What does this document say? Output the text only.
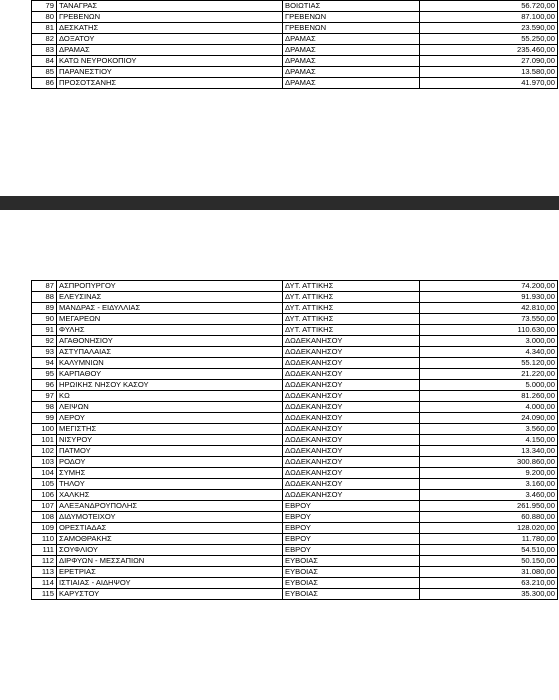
79	ΤΑΝΑΓΡΑΣ	ΒΟΙΩΤΙΑΣ	56.720,00
80	ΓΡΕΒΕΝΩΝ	ΓΡΕΒΕΝΩΝ	87.100,00
81	ΔΕΣΚΑΤΗΣ	ΓΡΕΒΕΝΩΝ	23.590,00
82	ΔΟΞΑΤΟΥ	ΔΡΑΜΑΣ	55.250,00
83	ΔΡΑΜΑΣ	ΔΡΑΜΑΣ	235.460,00
84	ΚΑΤΩ ΝΕΥΡΟΚΟΠΙΟΥ	ΔΡΑΜΑΣ	27.090,00
85	ΠΑΡΑΝΕΣΤΙΟΥ	ΔΡΑΜΑΣ	13.580,00
86	ΠΡΟΣΟΤΣΑΝΗΣ	ΔΡΑΜΑΣ	41.970,00
87	ΑΣΠΡΟΠΥΡΓΟΥ	ΔΥΤ. ΑΤΤΙΚΗΣ	74.200,00
88	ΕΛΕΥΣΙΝΑΣ	ΔΥΤ. ΑΤΤΙΚΗΣ	91.930,00
89	ΜΑΝΔΡΑΣ - ΕΙΔΥΛΛΙΑΣ	ΔΥΤ. ΑΤΤΙΚΗΣ	42.810,00
90	ΜΕΓΑΡΕΩΝ	ΔΥΤ. ΑΤΤΙΚΗΣ	73.550,00
91	ΦΥΛΗΣ	ΔΥΤ. ΑΤΤΙΚΗΣ	110.630,00
92	ΑΓΑΘΟΝΗΣΙΟΥ	ΔΩΔΕΚΑΝΗΣΟΥ	3.000,00
93	ΑΣΤΥΠΑΛΑΙΑΣ	ΔΩΔΕΚΑΝΗΣΟΥ	4.340,00
94	ΚΑΛΥΜΝΙΩΝ	ΔΩΔΕΚΑΝΗΣΟΥ	55.120,00
95	ΚΑΡΠΑΘΟΥ	ΔΩΔΕΚΑΝΗΣΟΥ	21.220,00
96	ΗΡΩΙΚΗΣ ΝΗΣΟΥ ΚΑΣΟΥ	ΔΩΔΕΚΑΝΗΣΟΥ	5.000,00
97	ΚΩ	ΔΩΔΕΚΑΝΗΣΟΥ	81.260,00
98	ΛΕΙΨΩΝ	ΔΩΔΕΚΑΝΗΣΟΥ	4.000,00
99	ΛΕΡΟΥ	ΔΩΔΕΚΑΝΗΣΟΥ	24.090,00
100	ΜΕΓΙΣΤΗΣ	ΔΩΔΕΚΑΝΗΣΟΥ	3.560,00
101	ΝΙΣΥΡΟΥ	ΔΩΔΕΚΑΝΗΣΟΥ	4.150,00
102	ΠΑΤΜΟΥ	ΔΩΔΕΚΑΝΗΣΟΥ	13.340,00
103	ΡΟΔΟΥ	ΔΩΔΕΚΑΝΗΣΟΥ	300.860,00
104	ΣΥΜΗΣ	ΔΩΔΕΚΑΝΗΣΟΥ	9.200,00
105	ΤΗΛΟΥ	ΔΩΔΕΚΑΝΗΣΟΥ	3.160,00
106	ΧΑΛΚΗΣ	ΔΩΔΕΚΑΝΗΣΟΥ	3.460,00
107	ΑΛΕΞΑΝΔΡΟΥΠΟΛΗΣ	ΕΒΡΟΥ	261.950,00
108	ΔΙΔΥΜΟΤΕΙΧΟΥ	ΕΒΡΟΥ	60.880,00
109	ΟΡΕΣΤΙΑΔΑΣ	ΕΒΡΟΥ	128.020,00
110	ΣΑΜΟΘΡΑΚΗΣ	ΕΒΡΟΥ	11.780,00
111	ΣΟΥΦΛΙΟΥ	ΕΒΡΟΥ	54.510,00
112	ΔΙΡΦΥΩΝ - ΜΕΣΣΑΠΙΩΝ	ΕΥΒΟΙΑΣ	50.150,00
113	ΕΡΕΤΡΙΑΣ	ΕΥΒΟΙΑΣ	31.080,00
114	ΙΣΤΙΑΙΑΣ - ΑΙΔΗΨΟΥ	ΕΥΒΟΙΑΣ	63.210,00
115	ΚΑΡΥΣΤΟΥ	ΕΥΒΟΙΑΣ	35.300,00
